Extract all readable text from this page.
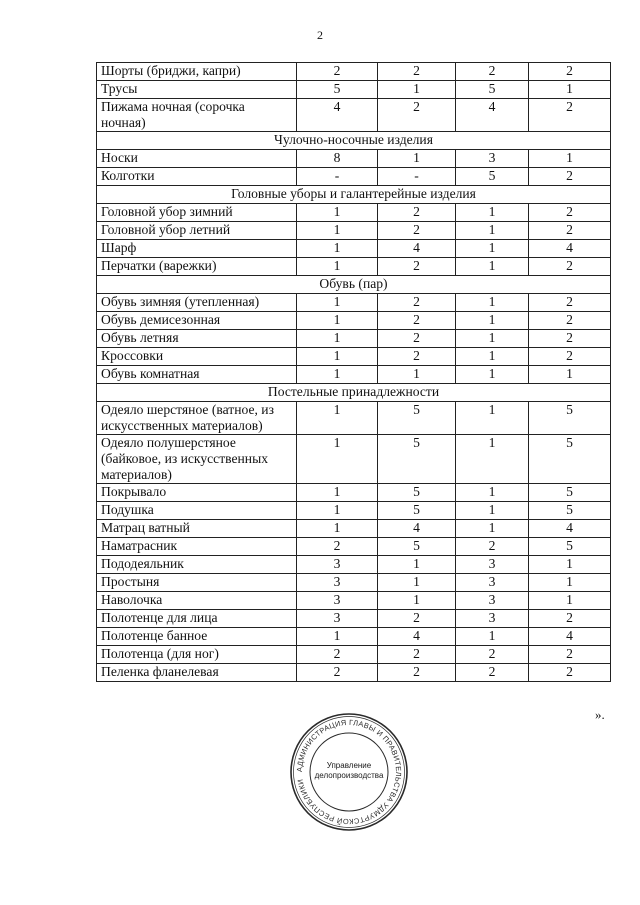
2
Шорты (бриджи, капри)	2	2	2	2
Трусы	5	1	5	1
Пижама ночная (сорочка ночная)	4	2	4	2
Чулочно-носочные изделия				
Носки	8	1	3	1
Колготки	-	-	5	2
Головные уборы и галантерейные изделия				
Головной убор зимний	1	2	1	2
Головной убор летний	1	2	1	2
Шарф	1	4	1	4
Перчатки (варежки)	1	2	1	2
Обувь (пар)				
Обувь зимняя (утепленная)	1	2	1	2
Обувь демисезонная	1	2	1	2
Обувь летняя	1	2	1	2
Кроссовки	1	2	1	2
Обувь комнатная	1	1	1	1
Постельные принадлежности				
Одеяло шерстяное (ватное, из искусственных материалов)	1	5	1	5
Одеяло полушерстяное (байковое, из искусственных материалов)	1	5	1	5
Покрывало	1	5	1	5
Подушка	1	5	1	5
Матрац ватный	1	4	1	4
Наматрасник	2	5	2	5
Пододеяльник	3	1	3	1
Простыня	3	1	3	1
Наволочка	3	1	3	1
Полотенце для лица	3	2	3	2
Полотенце банное	1	4	1	4
Полотенца (для ног)	2	2	2	2
Пеленка фланелевая	2	2	2	2
».
АДМИНИСТРАЦИЯ ГЛАВЫ И ПРАВИТЕЛЬСТВА УДМУРТСКОЙ РЕСПУБЛИКИ
Управление
делопроизводства
